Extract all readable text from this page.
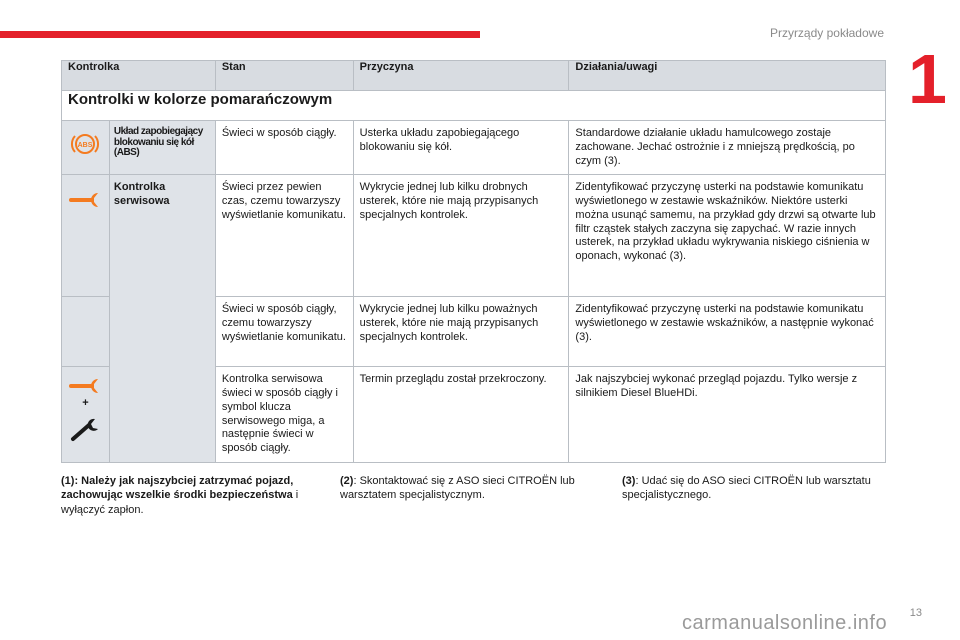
Przyrządy pokładowe
1
Kontrolka		Stan	Przyczyna	Działania/uwagi
Kontrolki w kolorze pomarańczowym				

ABS	Układ zapobiegający blokowaniu się kół (ABS)	Świeci w sposób ciągły.	Usterka układu zapobiegającego blokowaniu się kół.	Standardowe działanie układu hamulcowego zostaje zachowane. Jechać ostrożnie i z mniejszą prędkością, po czym (3).

	Kontrolka serwisowa	Świeci przez pewien czas, czemu towarzyszy wyświetlanie komunikatu.	Wykrycie jednej lub kilku drobnych usterek, które nie mają przypisanych specjalnych kontrolek.	Zidentyfikować przyczynę usterki na podstawie komunikatu wyświetlonego w zestawie wskaźników. Niektóre usterki można usunąć samemu, na przykład gdy drzwi są otwarte lub filtr cząstek stałych zaczyna się zapychać. W razie innych usterek, na przykład układu wykrywania niskiego ciśnienia w oponach, wykonać (3).
		Świeci w sposób ciągły, czemu towarzyszy wyświetlanie komunikatu.	Wykrycie jednej lub kilku poważnych usterek, które nie mają przypisanych specjalnych kontrolek.	Zidentyfikować przyczynę usterki na podstawie komunikatu wyświetlonego w zestawie wskaźników, a następnie wykonać (3).

+		Kontrolka serwisowa świeci w sposób ciągły i symbol klucza serwisowego miga, a następnie świeci w sposób ciągły.	Termin przeglądu został przekroczony.	Jak najszybciej wykonać przegląd pojazdu. Tylko wersje z silnikiem Diesel BlueHDi.
(1): Należy jak najszybciej zatrzymać pojazd, zachowując wszelkie środki bezpieczeństwa i wyłączyć zapłon.
(2): Skontaktować się z ASO sieci CITROËN lub warsztatem specjalistycznym.
(3): Udać się do ASO sieci CITROËN lub warsztatu specjalistycznego.
13
carmanualsonline.info
